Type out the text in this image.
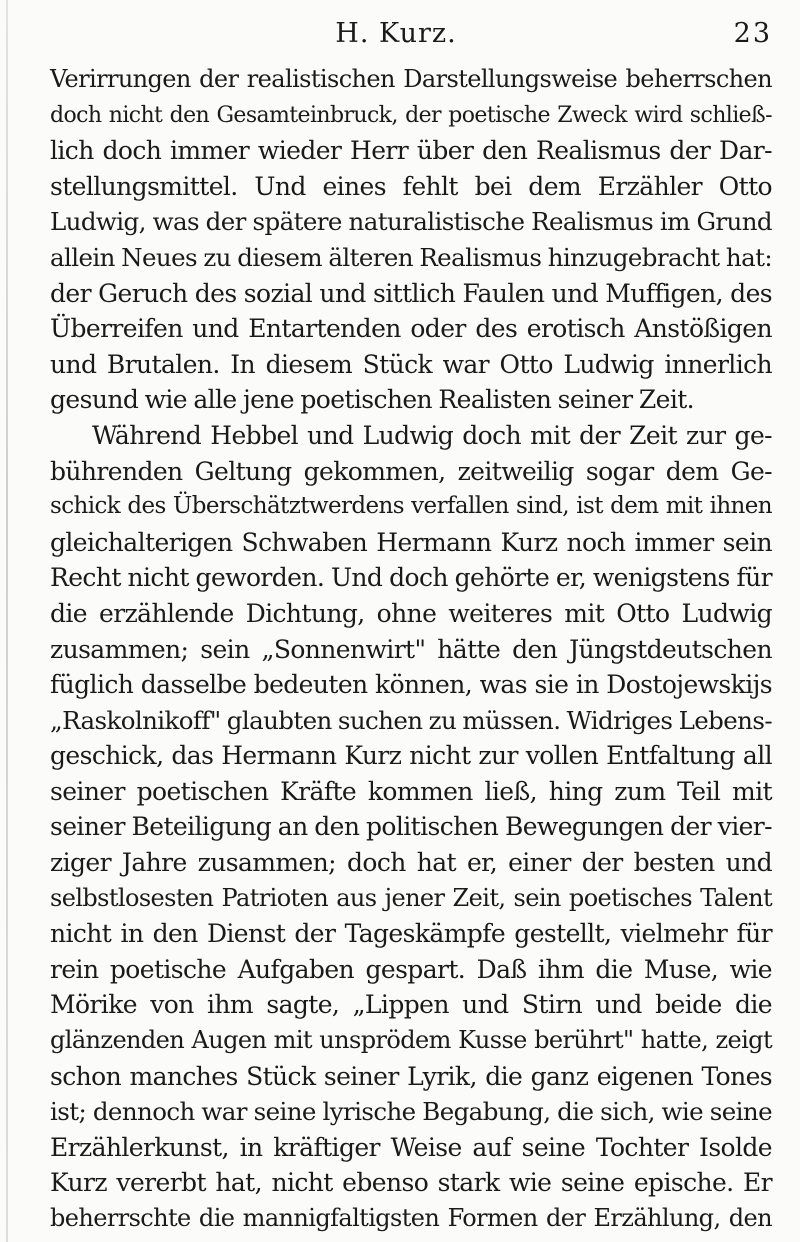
H. Kurz.	23
Verirrungen der realistischen Darstellungsweise beherrschen
doch nicht den Gesamteinbruck, der poetische Zweck wird schließ-
lich doch immer wieder Herr über den Realismus der Dar-
stellungsmittel. Und eines fehlt bei dem Erzähler Otto
Ludwig, was der spätere naturalistische Realismus im Grund
allein Neues zu diesem älteren Realismus hinzugebracht hat:
der Geruch des sozial und sittlich Faulen und Muffigen, des
Überreifen und Entartenden oder des erotisch Anstößigen
und Brutalen. In diesem Stück war Otto Ludwig innerlich
gesund wie alle jene poetischen Realisten seiner Zeit.
Während Hebbel und Ludwig doch mit der Zeit zur ge-
bührenden Geltung gekommen, zeitweilig sogar dem Ge-
schick des Überschätztwerdens verfallen sind, ist dem mit ihnen
gleichalterigen Schwaben Hermann Kurz noch immer sein
Recht nicht geworden. Und doch gehörte er, wenigstens für
die erzählende Dichtung, ohne weiteres mit Otto Ludwig
zusammen; sein „Sonnenwirt" hätte den Jüngstdeutschen
füglich dasselbe bedeuten können, was sie in Dostojewskijs
„Raskolnikoff" glaubten suchen zu müssen. Widriges Lebens-
geschick, das Hermann Kurz nicht zur vollen Entfaltung all
seiner poetischen Kräfte kommen ließ, hing zum Teil mit
seiner Beteiligung an den politischen Bewegungen der vier-
ziger Jahre zusammen; doch hat er, einer der besten und
selbstlosesten Patrioten aus jener Zeit, sein poetisches Talent
nicht in den Dienst der Tageskämpfe gestellt, vielmehr für
rein poetische Aufgaben gespart. Daß ihm die Muse, wie
Mörike von ihm sagte, „Lippen und Stirn und beide die
glänzenden Augen mit unsprödem Kusse berührt" hatte, zeigt
schon manches Stück seiner Lyrik, die ganz eigenen Tones
ist; dennoch war seine lyrische Begabung, die sich, wie seine
Erzählerkunst, in kräftiger Weise auf seine Tochter Isolde
Kurz vererbt hat, nicht ebenso stark wie seine epische. Er
beherrschte die mannigfaltigsten Formen der Erzählung, den
